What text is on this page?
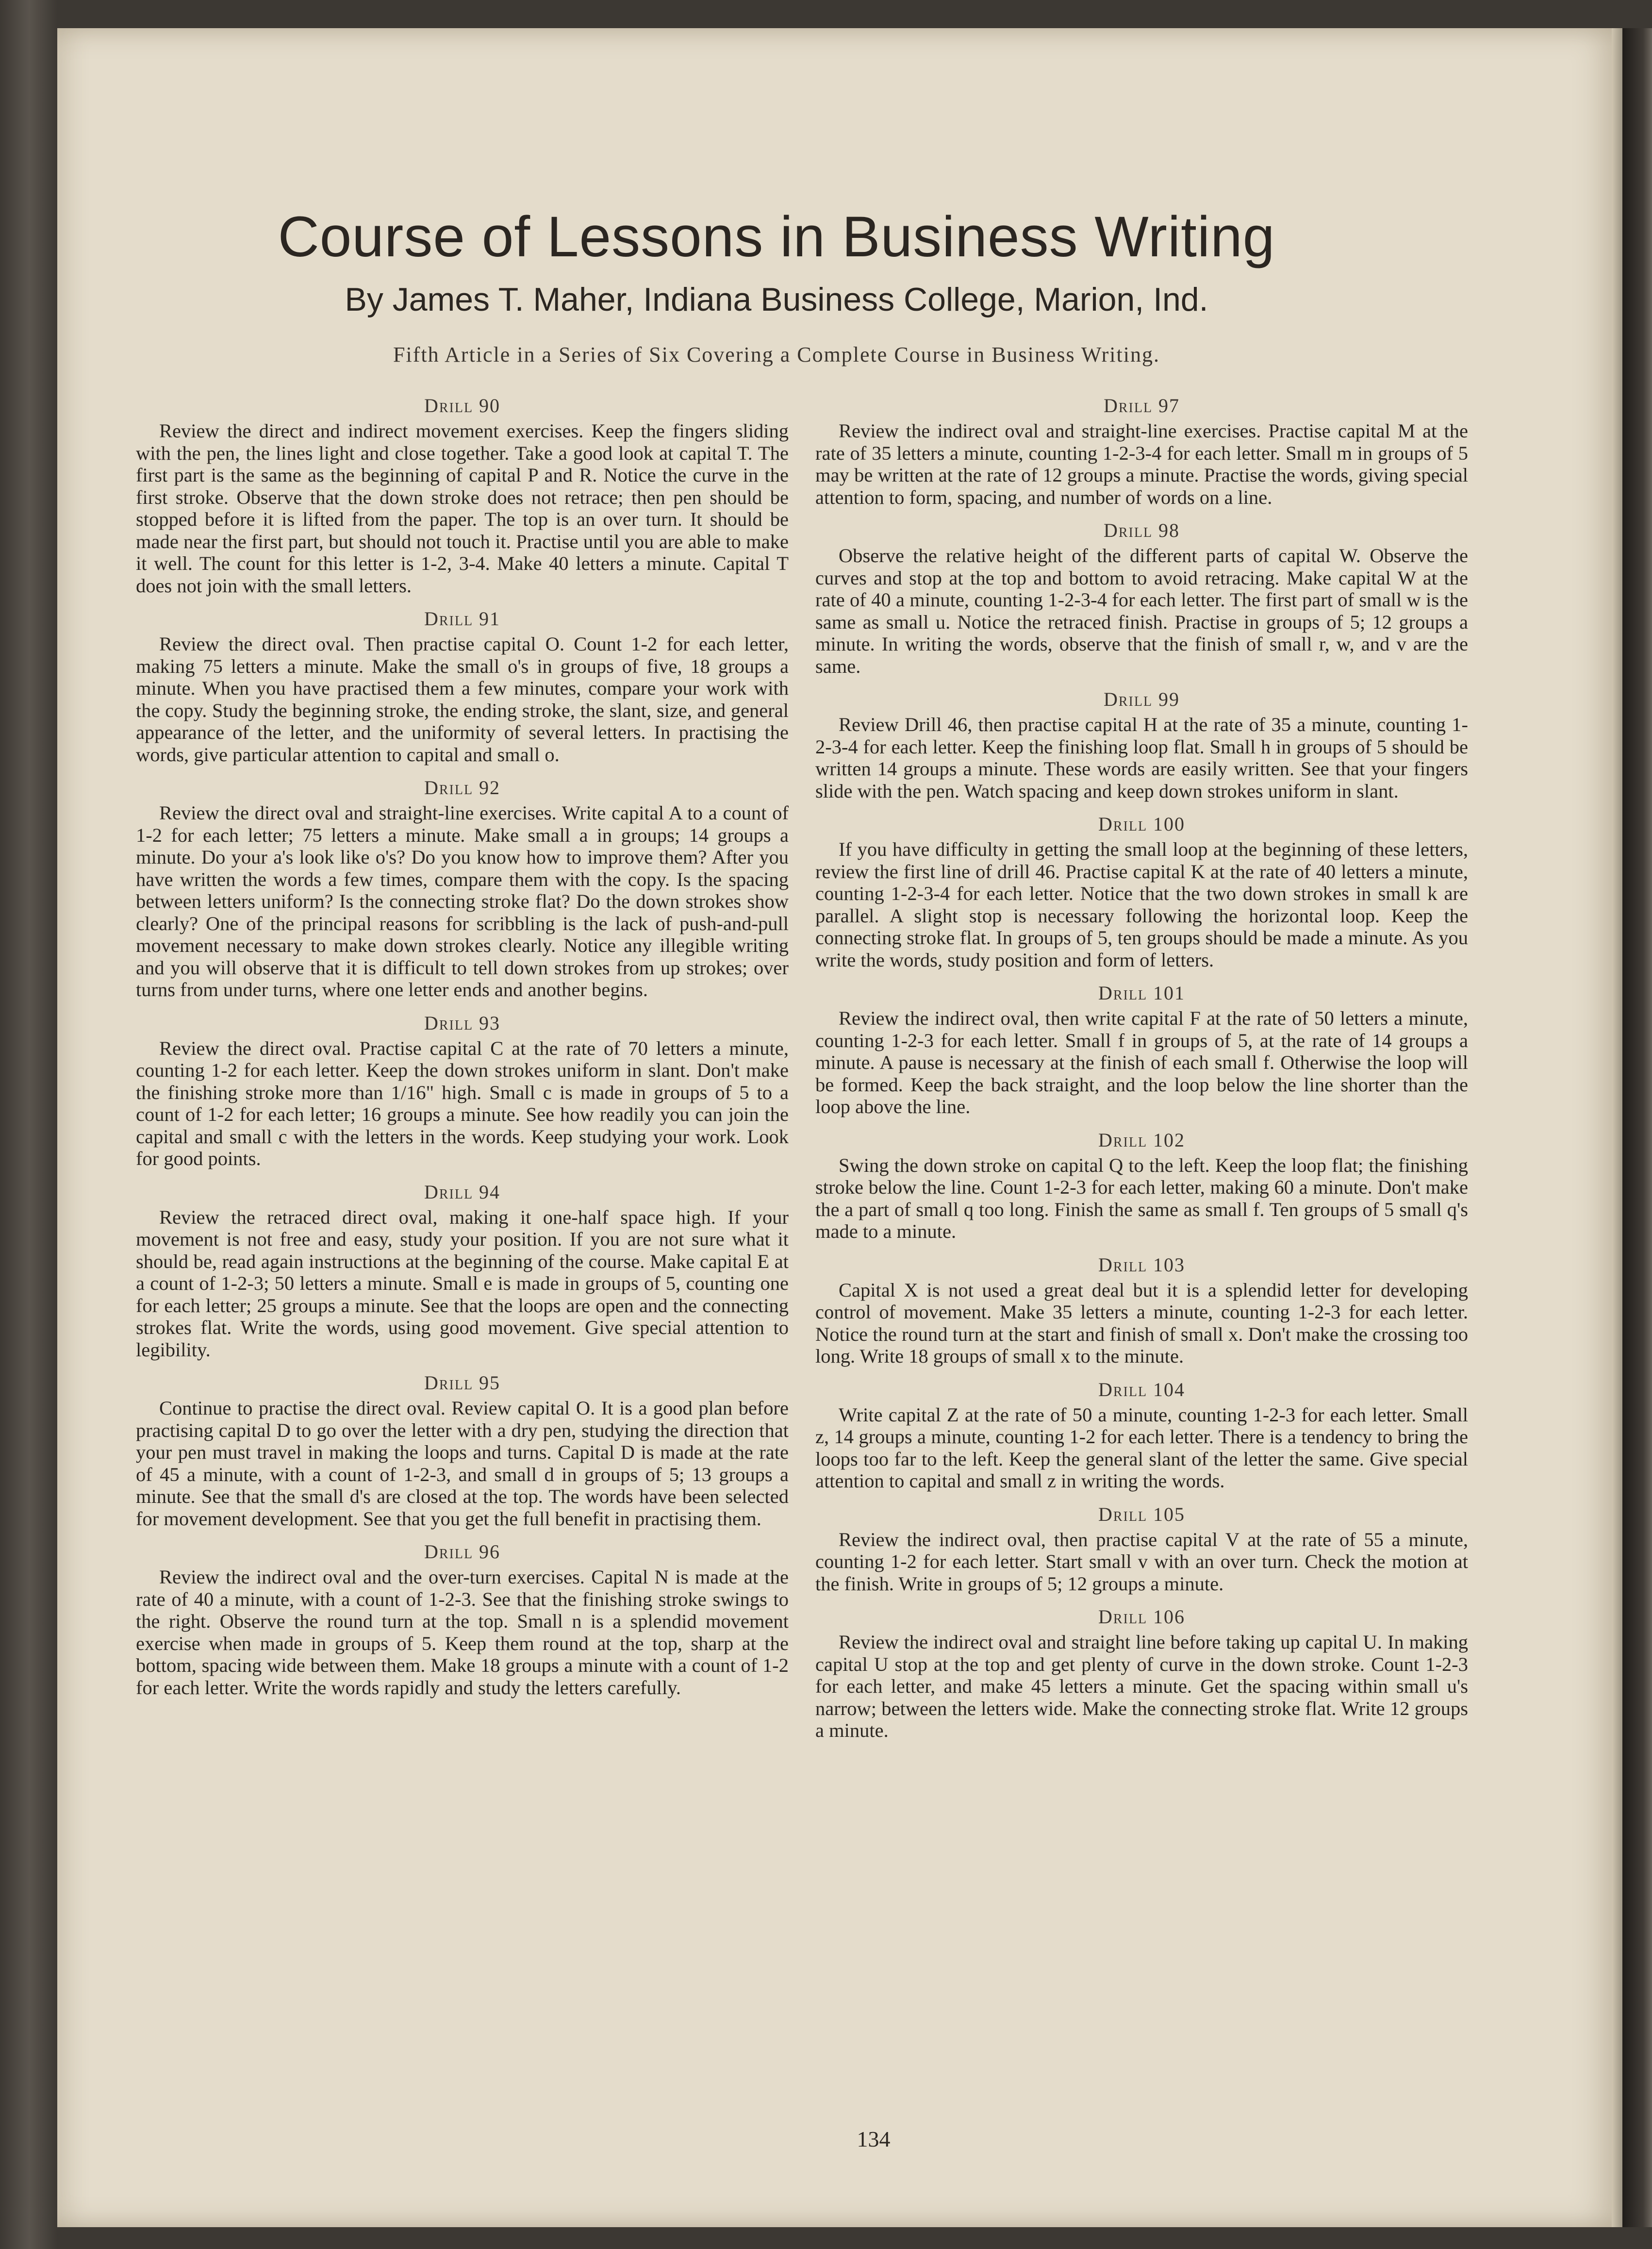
Course of Lessons in Business Writing
By James T. Maher, Indiana Business College, Marion, Ind.
Fifth Article in a Series of Six Covering a Complete Course in Business Writing.
Drill 90

Review the direct and indirect movement exercises. Keep the fingers sliding with the pen, the lines light and close together. Take a good look at capital T. The first part is the same as the beginning of capital P and R. Notice the curve in the first stroke. Observe that the down stroke does not retrace; then pen should be stopped before it is lifted from the paper. The top is an over turn. It should be made near the first part, but should not touch it. Practise until you are able to make it well. The count for this letter is 1-2, 3-4. Make 40 letters a minute. Capital T does not join with the small letters.

Drill 91

Review the direct oval. Then practise capital O. Count 1-2 for each letter, making 75 letters a minute. Make the small o's in groups of five, 18 groups a minute. When you have practised them a few minutes, compare your work with the copy. Study the beginning stroke, the ending stroke, the slant, size, and general appearance of the letter, and the uniformity of several letters. In practising the words, give particular attention to capital and small o.

Drill 92

Review the direct oval and straight-line exercises. Write capital A to a count of 1-2 for each letter; 75 letters a minute. Make small a in groups; 14 groups a minute. Do your a's look like o's? Do you know how to improve them? After you have written the words a few times, compare them with the copy. Is the spacing between letters uniform? Is the connecting stroke flat? Do the down strokes show clearly? One of the principal reasons for scribbling is the lack of push-and-pull movement necessary to make down strokes clearly. Notice any illegible writing and you will observe that it is difficult to tell down strokes from up strokes; over turns from under turns, where one letter ends and another begins.

Drill 93

Review the direct oval. Practise capital C at the rate of 70 letters a minute, counting 1-2 for each letter. Keep the down strokes uniform in slant. Don't make the finishing stroke more than 1/16" high. Small c is made in groups of 5 to a count of 1-2 for each letter; 16 groups a minute. See how readily you can join the capital and small c with the letters in the words. Keep studying your work. Look for good points.

Drill 94

Review the retraced direct oval, making it one-half space high. If your movement is not free and easy, study your position. If you are not sure what it should be, read again instructions at the beginning of the course. Make capital E at a count of 1-2-3; 50 letters a minute. Small e is made in groups of 5, counting one for each letter; 25 groups a minute. See that the loops are open and the connecting strokes flat. Write the words, using good movement. Give special attention to legibility.

Drill 95

Continue to practise the direct oval. Review capital O. It is a good plan before practising capital D to go over the letter with a dry pen, studying the direction that your pen must travel in making the loops and turns. Capital D is made at the rate of 45 a minute, with a count of 1-2-3, and small d in groups of 5; 13 groups a minute. See that the small d's are closed at the top. The words have been selected for movement development. See that you get the full benefit in practising them.

Drill 96

Review the indirect oval and the over-turn exercises. Capital N is made at the rate of 40 a minute, with a count of 1-2-3. See that the finishing stroke swings to the right. Observe the round turn at the top. Small n is a splendid movement exercise when made in groups of 5. Keep them round at the top, sharp at the bottom, spacing wide between them. Make 18 groups a minute with a count of 1-2 for each letter. Write the words rapidly and study the letters carefully.

Drill 97

Review the indirect oval and straight-line exercises. Practise capital M at the rate of 35 letters a minute, counting 1-2-3-4 for each letter. Small m in groups of 5 may be written at the rate of 12 groups a minute. Practise the words, giving special attention to form, spacing, and number of words on a line.

Drill 98

Observe the relative height of the different parts of capital W. Observe the curves and stop at the top and bottom to avoid retracing. Make capital W at the rate of 40 a minute, counting 1-2-3-4 for each letter. The first part of small w is the same as small u. Notice the retraced finish. Practise in groups of 5; 12 groups a minute. In writing the words, observe that the finish of small r, w, and v are the same.

Drill 99

Review Drill 46, then practise capital H at the rate of 35 a minute, counting 1-2-3-4 for each letter. Keep the finishing loop flat. Small h in groups of 5 should be written 14 groups a minute. These words are easily written. See that your fingers slide with the pen. Watch spacing and keep down strokes uniform in slant.

Drill 100

If you have difficulty in getting the small loop at the beginning of these letters, review the first line of drill 46. Practise capital K at the rate of 40 letters a minute, counting 1-2-3-4 for each letter. Notice that the two down strokes in small k are parallel. A slight stop is necessary following the horizontal loop. Keep the connecting stroke flat. In groups of 5, ten groups should be made a minute. As you write the words, study position and form of letters.

Drill 101

Review the indirect oval, then write capital F at the rate of 50 letters a minute, counting 1-2-3 for each letter. Small f in groups of 5, at the rate of 14 groups a minute. A pause is necessary at the finish of each small f. Otherwise the loop will be formed. Keep the back straight, and the loop below the line shorter than the loop above the line.

Drill 102

Swing the down stroke on capital Q to the left. Keep the loop flat; the finishing stroke below the line. Count 1-2-3 for each letter, making 60 a minute. Don't make the a part of small q too long. Finish the same as small f. Ten groups of 5 small q's made to a minute.

Drill 103

Capital X is not used a great deal but it is a splendid letter for developing control of movement. Make 35 letters a minute, counting 1-2-3 for each letter. Notice the round turn at the start and finish of small x. Don't make the crossing too long. Write 18 groups of small x to the minute.

Drill 104

Write capital Z at the rate of 50 a minute, counting 1-2-3 for each letter. Small z, 14 groups a minute, counting 1-2 for each letter. There is a tendency to bring the loops too far to the left. Keep the general slant of the letter the same. Give special attention to capital and small z in writing the words.

Drill 105

Review the indirect oval, then practise capital V at the rate of 55 a minute, counting 1-2 for each letter. Start small v with an over turn. Check the motion at the finish. Write in groups of 5; 12 groups a minute.

Drill 106

Review the indirect oval and straight line before taking up capital U. In making capital U stop at the top and get plenty of curve in the down stroke. Count 1-2-3 for each letter, and make 45 letters a minute. Get the spacing within small u's narrow; between the letters wide. Make the connecting stroke flat. Write 12 groups a minute.

134
